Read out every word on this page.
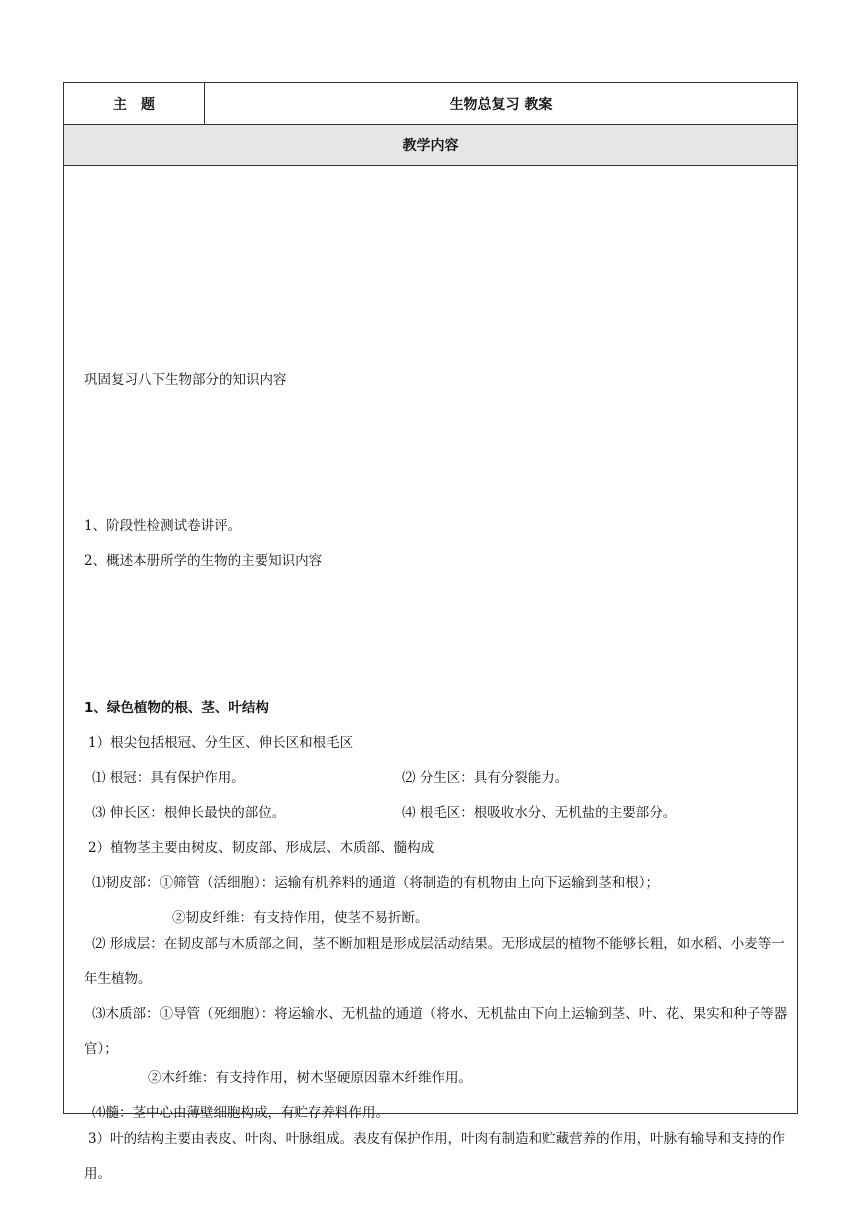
主　题	生物总复习 教案
教学内容

巩固复习八下生物部分的知识内容
1、阶段性检测试卷讲评。
2、概述本册所学的生物的主要知识内容
1、绿色植物的根、茎、叶结构
1）根尖包括根冠、分生区、伸长区和根毛区
⑴ 根冠：具有保护作用。	⑵ 分生区：具有分裂能力。
⑶ 伸长区：根伸长最快的部位。	⑷ 根毛区：根吸收水分、无机盐的主要部分。
2）植物茎主要由树皮、韧皮部、形成层、木质部、髓构成
⑴韧皮部：①筛管（活细胞）：运输有机养料的通道（将制造的有机物由上向下运输到茎和根）；
②韧皮纤维：有支持作用，使茎不易折断。
⑵ 形成层：在韧皮部与木质部之间，茎不断加粗是形成层活动结果。无形成层的植物不能够长粗，如水稻、小麦等一年生植物。
⑶木质部：①导管（死细胞）：将运输水、无机盐的通道（将水、无机盐由下向上运输到茎、叶、花、果实和种子等器官）；
②木纤维：有支持作用，树木坚硬原因靠木纤维作用。
⑷髓：茎中心由薄壁细胞构成，有贮存养料作用。
3）叶的结构主要由表皮、叶肉、叶脉组成。表皮有保护作用，叶肉有制造和贮藏营养的作用，叶脉有输导和支持的作用。
